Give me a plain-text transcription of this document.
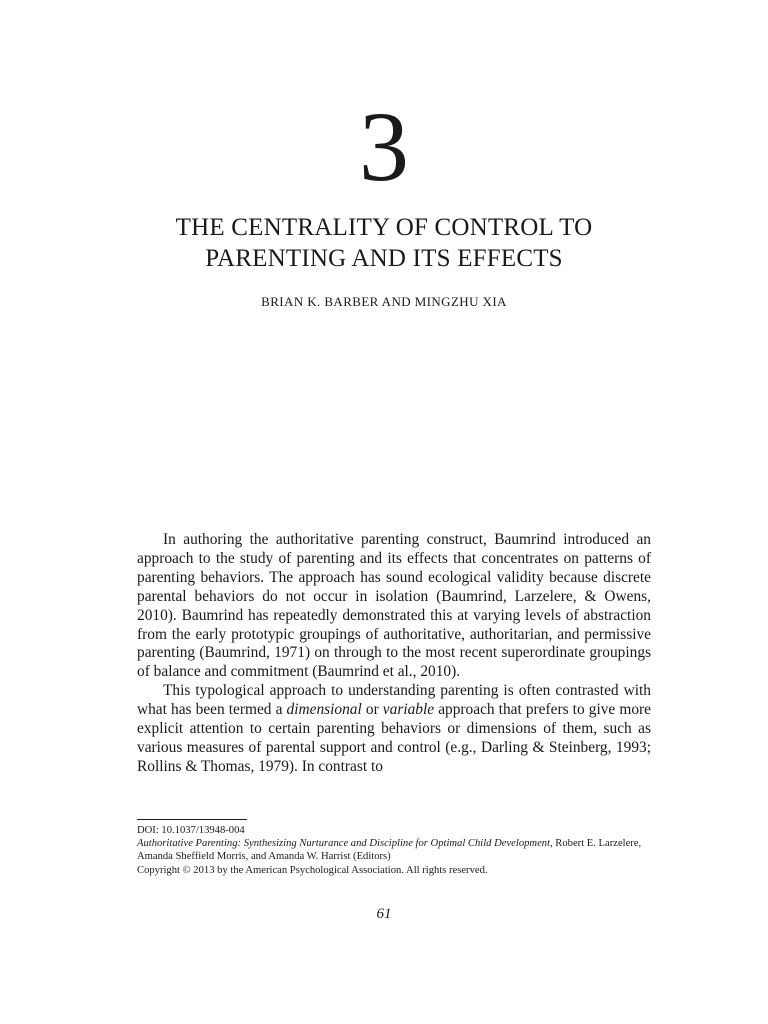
3
THE CENTRALITY OF CONTROL TO
PARENTING AND ITS EFFECTS
BRIAN K. BARBER AND MINGZHU XIA

In authoring the authoritative parenting construct, Baumrind introduced an approach to the study of parenting and its effects that concentrates on patterns of parenting behaviors. The approach has sound ecological validity because discrete parental behaviors do not occur in isolation (Baumrind, Larzelere, & Owens, 2010). Baumrind has repeatedly demonstrated this at varying levels of abstraction from the early prototypic groupings of authoritative, authoritarian, and permissive parenting (Baumrind, 1971) on through to the most recent superordinate groupings of balance and commitment (Baumrind et al., 2010).

This typological approach to understanding parenting is often contrasted with what has been termed a dimensional or variable approach that prefers to give more explicit attention to certain parenting behaviors or dimensions of them, such as various measures of parental support and control (e.g., Darling & Steinberg, 1993; Rollins & Thomas, 1979). In contrast to

DOI: 10.1037/13948-004
Authoritative Parenting: Synthesizing Nurturance and Discipline for Optimal Child Development, Robert E. Larzelere, Amanda Sheffield Morris, and Amanda W. Harrist (Editors)
Copyright © 2013 by the American Psychological Association. All rights reserved.
61
